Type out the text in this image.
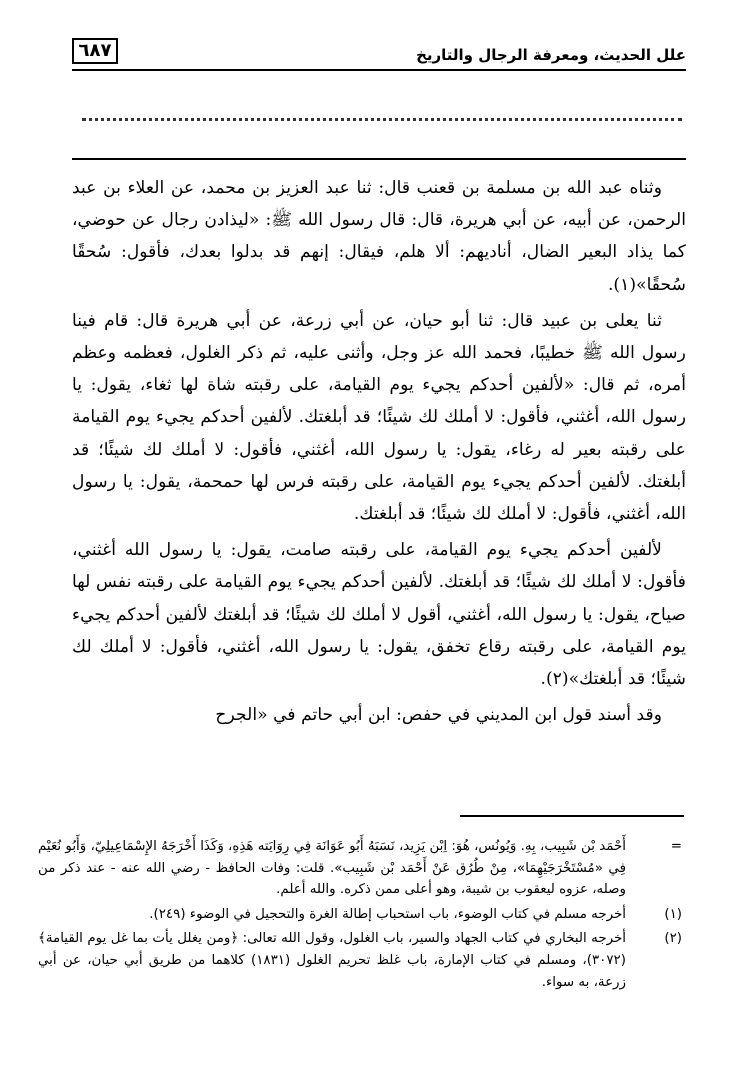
علل الحديث، ومعرفة الرجال والتاريخ
٦٨٧

وثناه عبد الله بن مسلمة بن قعنب قال: ثنا عبد العزيز بن محمد، عن العلاء بن عبد الرحمن، عن أبيه، عن أبي هريرة، قال: قال رسول الله ﷺ: «ليذادن رجال عن حوضي، كما يذاد البعير الضال، أناديهم: ألا هلم، فيقال: إنهم قد بدلوا بعدك، فأقول: سُحقًا سُحقًا»(١).

ثنا يعلى بن عبيد قال: ثنا أبو حيان، عن أبي زرعة، عن أبي هريرة قال: قام فينا رسول الله ﷺ خطيبًا، فحمد الله عز وجل، وأثنى عليه، ثم ذكر الغلول، فعظمه وعظم أمره، ثم قال: «لألفين أحدكم يجيء يوم القيامة، على رقبته شاة لها ثغاء، يقول: يا رسول الله، أغثني، فأقول: لا أملك لك شيئًا؛ قد أبلغتك. لألفين أحدكم يجيء يوم القيامة على رقبته بعير له رغاء، يقول: يا رسول الله، أغثني، فأقول: لا أملك لك شيئًا؛ قد أبلغتك. لألفين أحدكم يجيء يوم القيامة، على رقبته فرس لها حمحمة، يقول: يا رسول الله، أغثني، فأقول: لا أملك لك شيئًا؛ قد أبلغتك.

لألفين أحدكم يجيء يوم القيامة، على رقبته صامت، يقول: يا رسول الله أغثني، فأقول: لا أملك لك شيئًا؛ قد أبلغتك. لألفين أحدكم يجيء يوم القيامة على رقبته نفس لها صياح، يقول: يا رسول الله، أغثني، أقول لا أملك لك شيئًا؛ قد أبلغتك لألفين أحدكم يجيء يوم القيامة، على رقبته رقاع تخفق، يقول: يا رسول الله، أغثني، فأقول: لا أملك لك شيئًا؛ قد أبلغتك»(٢).

وقد أسند قول ابن المديني في حفص: ابن أبي حاتم في «الجرح

=
أَحْمَد بْن شَبِيب، بِهِ. وَيُونُس، هُوَ: اِبْن يَزِيد، نَسَبَهُ أَبُو عَوَانَة فِي رِوَايَته هَذِهِ، وَكَذَا أَخْرَجَهُ الإِسْمَاعِيلِيّ، وَأَبُو نُعَيْم فِي «مُسْتَخْرَجَيْهِمَا»، مِنْ طُرُق عَنْ أَحْمَد بْن شَبِيب». قلت: وفات الحافظ - رضي الله عنه - عند ذكر من وصله، عزوه ليعقوب بن شيبة، وهو أعلى ممن ذكره. والله أعلم.
(١)
أخرجه مسلم في كتاب الوضوء، باب استحباب إطالة الغرة والتحجيل في الوضوء (٢٤٩).
(٢)
أخرجه البخاري في كتاب الجهاد والسير، باب الغلول، وقول الله تعالى: ﴿ومن يغلل يأت بما غل يوم القيامة﴾ (٣٠٧٢)، ومسلم في كتاب الإمارة، باب غلظ تحريم الغلول (١٨٣١) كلاهما من طريق أبي حيان، عن أبي زرعة، به سواء.
